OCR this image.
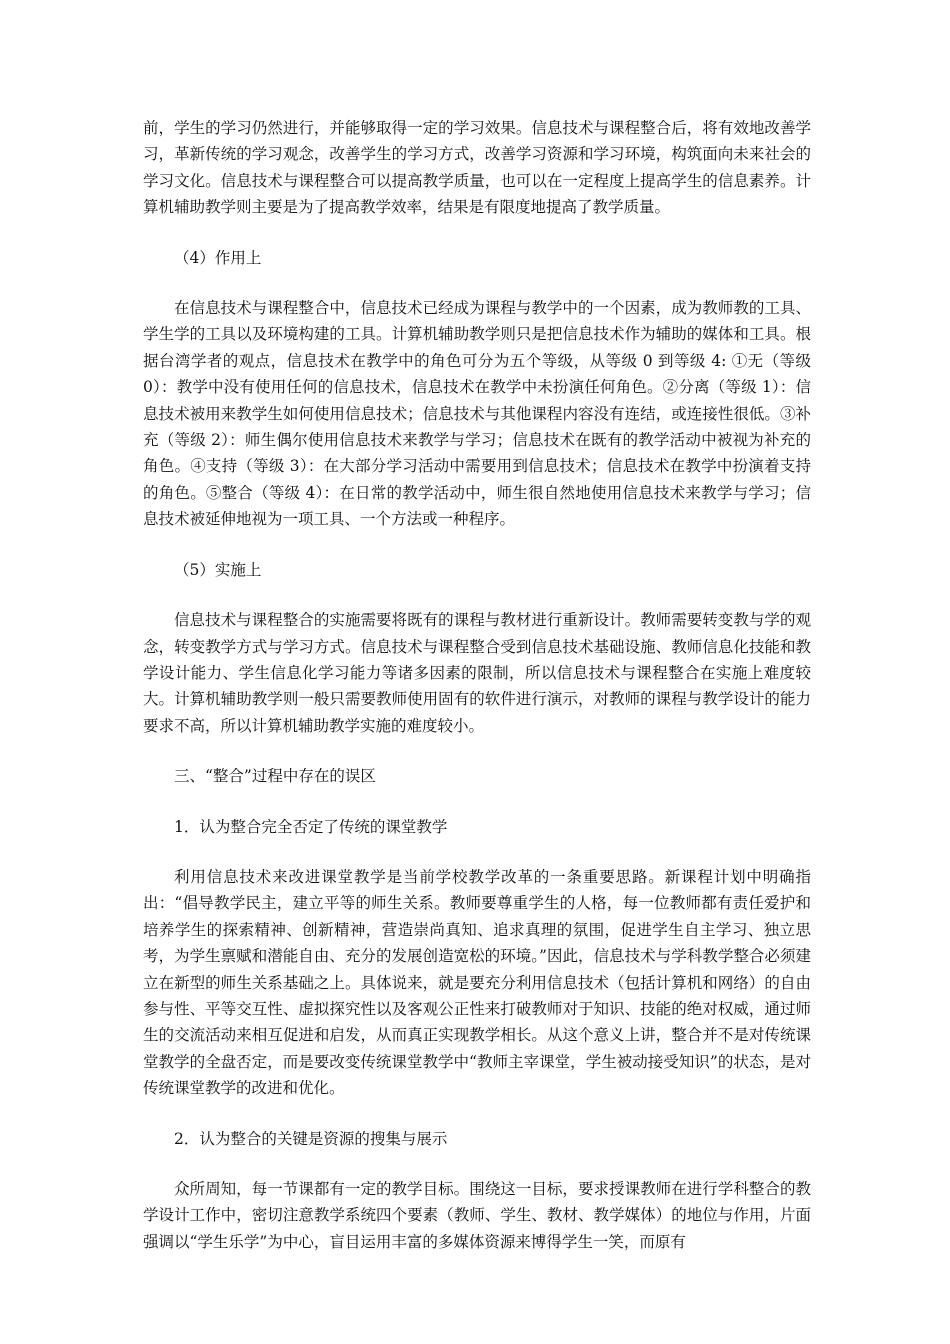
前，学生的学习仍然进行，并能够取得一定的学习效果。信息技术与课程整合后，将有效地改善学习，革新传统的学习观念，改善学生的学习方式，改善学习资源和学习环境，构筑面向未来社会的学习文化。信息技术与课程整合可以提高教学质量，也可以在一定程度上提高学生的信息素养。计算机辅助教学则主要是为了提高教学效率，结果是有限度地提高了教学质量。

（4）作用上

在信息技术与课程整合中，信息技术已经成为课程与教学中的一个因素，成为教师教的工具、学生学的工具以及环境构建的工具。计算机辅助教学则只是把信息技术作为辅助的媒体和工具。根据台湾学者的观点，信息技术在教学中的角色可分为五个等级，从等级 0 到等级 4: ①无（等级 0）：教学中没有使用任何的信息技术，信息技术在教学中未扮演任何角色。②分离（等级 1）：信息技术被用来教学生如何使用信息技术；信息技术与其他课程内容没有连结，或连接性很低。③补充（等级 2）：师生偶尔使用信息技术来教学与学习；信息技术在既有的教学活动中被视为补充的角色。④支持（等级 3）：在大部分学习活动中需要用到信息技术；信息技术在教学中扮演着支持的角色。⑤整合（等级 4）：在日常的教学活动中，师生很自然地使用信息技术来教学与学习；信息技术被延伸地视为一项工具、一个方法或一种程序。

（5）实施上

信息技术与课程整合的实施需要将既有的课程与教材进行重新设计。教师需要转变教与学的观念，转变教学方式与学习方式。信息技术与课程整合受到信息技术基础设施、教师信息化技能和教学设计能力、学生信息化学习能力等诸多因素的限制，所以信息技术与课程整合在实施上难度较大。计算机辅助教学则一般只需要教师使用固有的软件进行演示，对教师的课程与教学设计的能力要求不高，所以计算机辅助教学实施的难度较小。

三、“整合”过程中存在的误区

1．认为整合完全否定了传统的课堂教学

利用信息技术来改进课堂教学是当前学校教学改革的一条重要思路。新课程计划中明确指出：“倡导教学民主，建立平等的师生关系。教师要尊重学生的人格，每一位教师都有责任爱护和培养学生的探索精神、创新精神，营造崇尚真知、追求真理的氛围，促进学生自主学习、独立思考，为学生禀赋和潜能自由、充分的发展创造宽松的环境。”因此，信息技术与学科教学整合必须建立在新型的师生关系基础之上。具体说来，就是要充分利用信息技术（包括计算机和网络）的自由参与性、平等交互性、虚拟探究性以及客观公正性来打破教师对于知识、技能的绝对权威，通过师生的交流活动来相互促进和启发，从而真正实现教学相长。从这个意义上讲，整合并不是对传统课堂教学的全盘否定，而是要改变传统课堂教学中“教师主宰课堂，学生被动接受知识”的状态，是对传统课堂教学的改进和优化。

2．认为整合的关键是资源的搜集与展示

众所周知，每一节课都有一定的教学目标。围绕这一目标，要求授课教师在进行学科整合的教学设计工作中，密切注意教学系统四个要素（教师、学生、教材、教学媒体）的地位与作用，片面强调以“学生乐学”为中心，盲目运用丰富的多媒体资源来博得学生一笑，而原有
